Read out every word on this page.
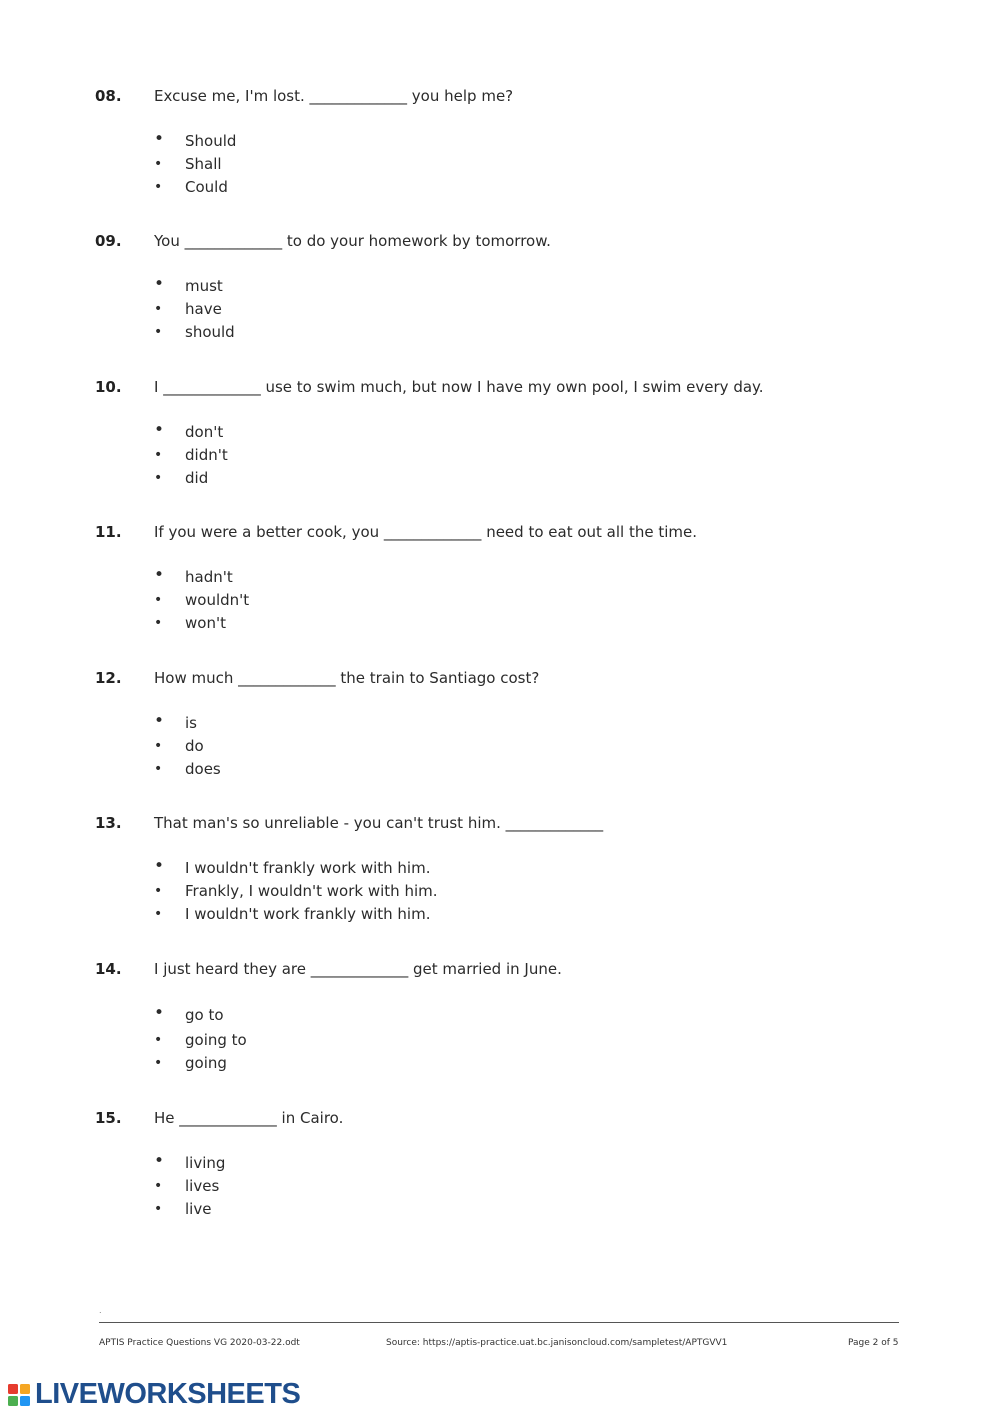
08. Excuse me, I'm lost. _____________ you help me?
• Should
• Shall
• Could
09. You _____________ to do your homework by tomorrow.
• must
• have
• should
10. I _____________ use to swim much, but now I have my own pool, I swim every day.
• don't
• didn't
• did
11. If you were a better cook, you _____________ need to eat out all the time.
• hadn't
• wouldn't
• won't
12. How much _____________ the train to Santiago cost?
• is
• do
• does
13. That man's so unreliable - you can't trust him. _____________
• I wouldn't frankly work with him.
• Frankly, I wouldn't work with him.
• I wouldn't work frankly with him.
14. I just heard they are _____________ get married in June.
• go to
• going to
• going
15. He _____________ in Cairo.
• living
• lives
• live
.
APTIS Practice Questions VG 2020-03-22.odt	Source: https://aptis-practice.uat.bc.janisoncloud.com/sampletest/APTGVV1	Page 2 of 5
LIVEWORKSHEETS
